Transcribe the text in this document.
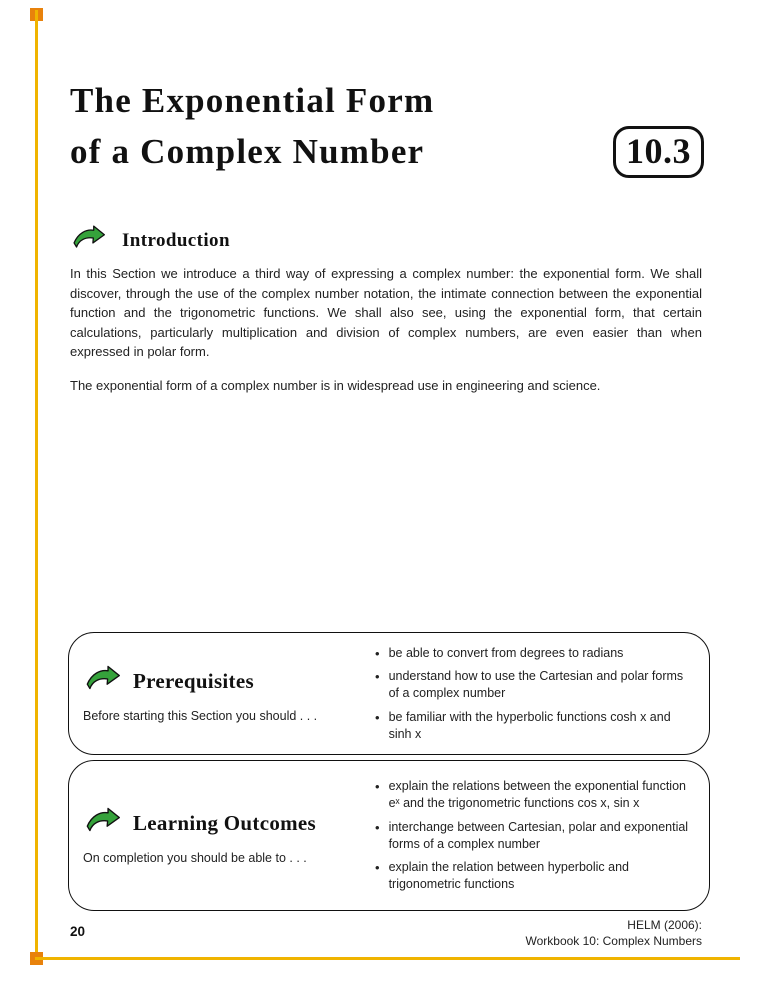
The Exponential Form
of a Complex Number	10.3
Introduction

In this Section we introduce a third way of expressing a complex number: the exponential form. We shall discover, through the use of the complex number notation, the intimate connection between the exponential function and the trigonometric functions. We shall also see, using the exponential form, that certain calculations, particularly multiplication and division of complex numbers, are even easier than when expressed in polar form.

The exponential form of a complex number is in widespread use in engineering and science.

Prerequisites
Before starting this Section you should . . .
• be able to convert from degrees to radians
• understand how to use the Cartesian and polar forms of a complex number
• be familiar with the hyperbolic functions cosh x and sinh x
Learning Outcomes
On completion you should be able to . . .
• explain the relations between the exponential function eˣ and the trigonometric functions cos x, sin x
• interchange between Cartesian, polar and exponential forms of a complex number
• explain the relation between hyperbolic and trigonometric functions
20	HELM (2006):
Workbook 10: Complex Numbers
